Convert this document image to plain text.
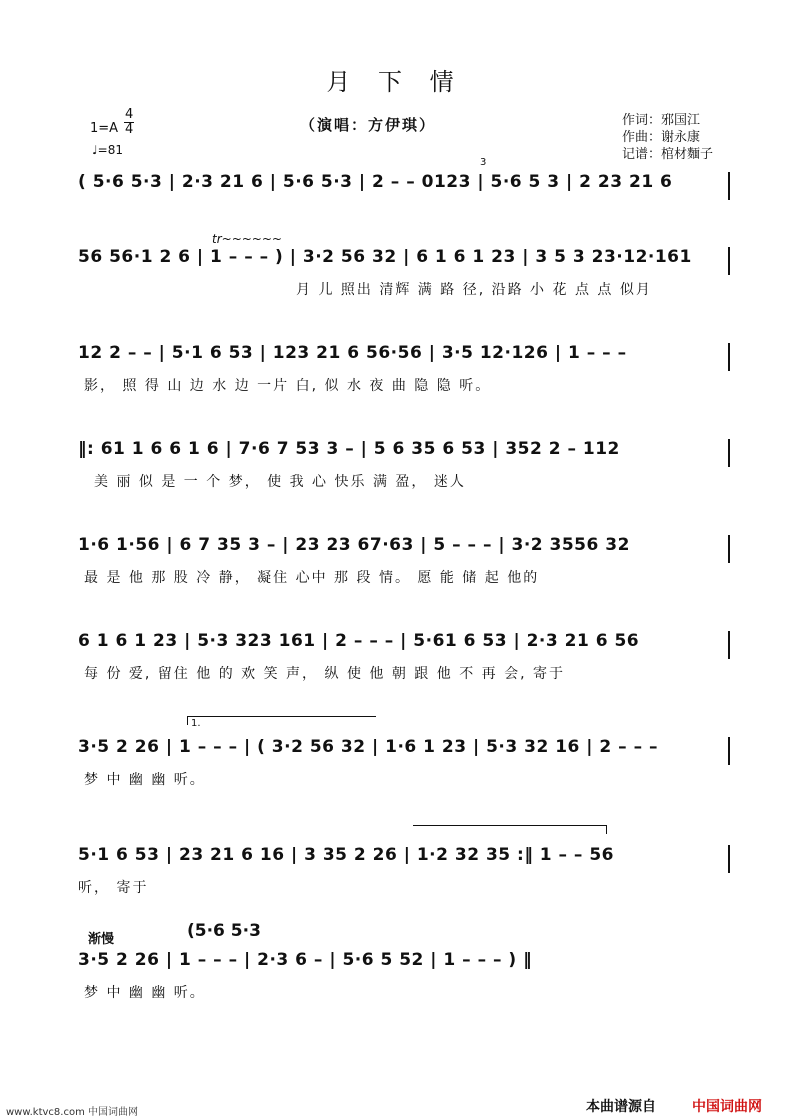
月 下 情
（演唱：方伊琪）	作词：邪国江
作曲：谢永康
记谱：棺材麵子
$1=A \frac{4}{4}$
♩=81
3
tr~~~~~~
( 5·6 5·3 | 2·3 21 6 | 5·6 5·3 | 2 – – 0123 | 5·6 5 3 | 2 23 21 6
56 56·1 2 6 | 1 – – – ) | 3·2 56 32 | 6 1 6 1 23 | 3 5 3 23·12·161
月 儿 照出 清辉 满 路 径, 沿路 小 花 点 点 似月
12 2 – – | 5·1 6 53 | 123 21 6 56·56 | 3·5 12·126 | 1 – – –
影， 照 得 山 边 水 边 一片 白, 似 水 夜 曲 隐 隐 听。
‖: 61 1 6 6 1 6 | 7·6 7 53 3 – | 5 6 35 6 53 | 352 2 – 112
美 丽 似 是 一 个 梦， 使 我 心 快乐 满 盈， 迷人
1·6 1·56 | 6 7 35 3 – | 23 23 67·63 | 5 – – – | 3·2 3556 32
最 是 他 那 股 冷 静， 凝住 心中 那 段 情。 愿 能 储 起 他的
6 1 6 1 23 | 5·3 323 161 | 2 – – – | 5·61 6 53 | 2·3 21 6 56
每 份 爱, 留住 他 的 欢 笑 声， 纵 使 他 朝 跟 他 不 再 会, 寄于
1.
3·5 2 26 | 1 – – – | ( 3·2 56 32 | 1·6 1 23 | 5·3 32 16 | 2 – – –
梦 中 幽 幽 听。
5·1 6 53 | 23 21 6 16 | 3 35 2 26 | 1·2 32 35 :‖ 1 – – 56
听， 寄于
渐慢	(5·6 5·3
3·5 2 26 | 1 – – – | 2·3 6 – | 5·6 5 52 | 1 – – – ) ‖
梦 中 幽 幽 听。
www.ktvc8.com 中国词曲网	本曲谱源自	中国词曲网
